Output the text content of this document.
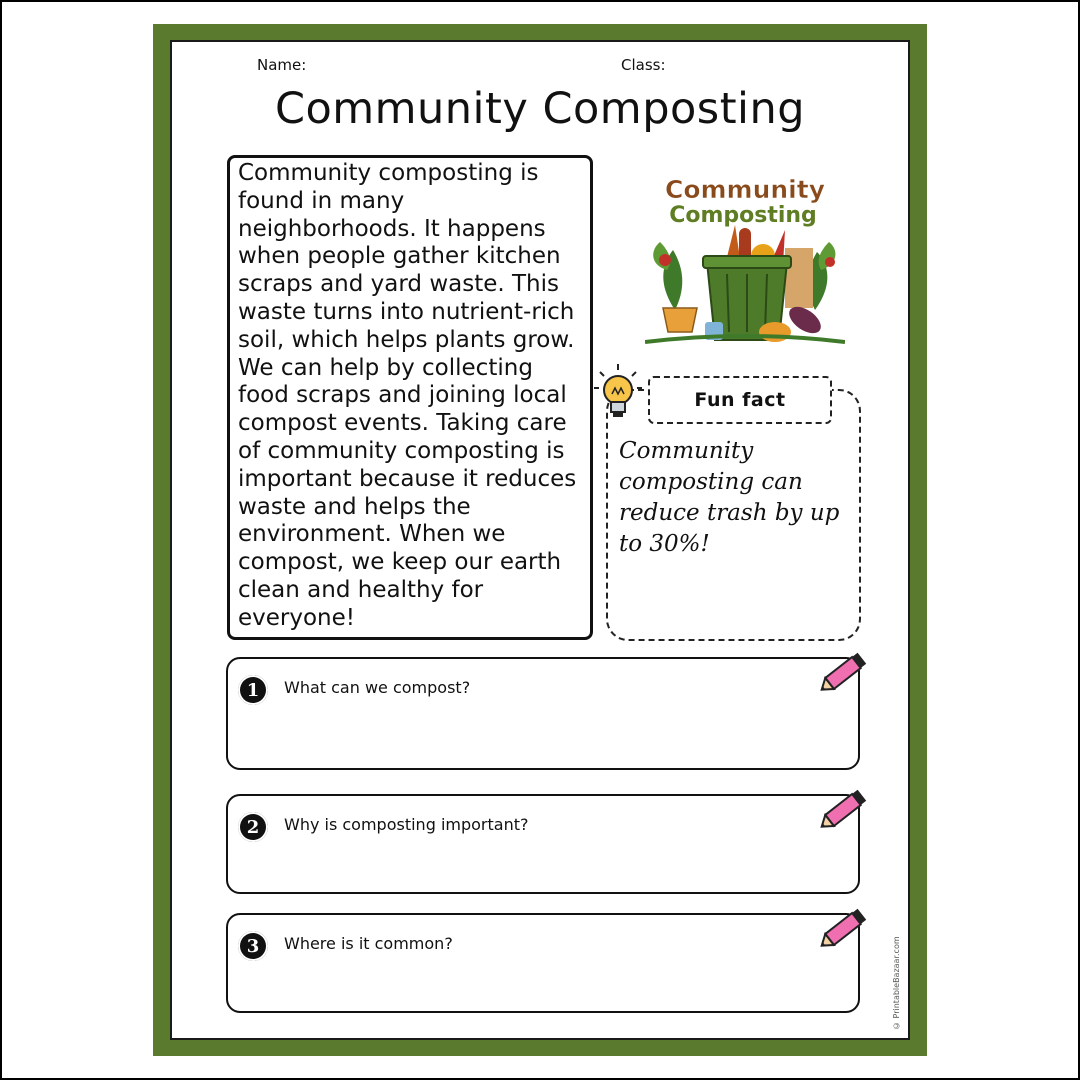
Name:	Class:
Community Composting

Community composting is found in many neighborhoods. It happens when people gather kitchen scraps and yard waste. This waste turns into nutrient-rich soil, which helps plants grow. We can help by collecting food scraps and joining local compost events. Taking care of community composting is important because it reduces waste and helps the environment. When we compost, we keep our earth clean and healthy for everyone!

Community
Composting
Fun fact

Community composting can reduce trash by up to 30%!

1	What can we compost?
2	Why is composting important?
3	Where is it common?	© PrintableBazaar.com
